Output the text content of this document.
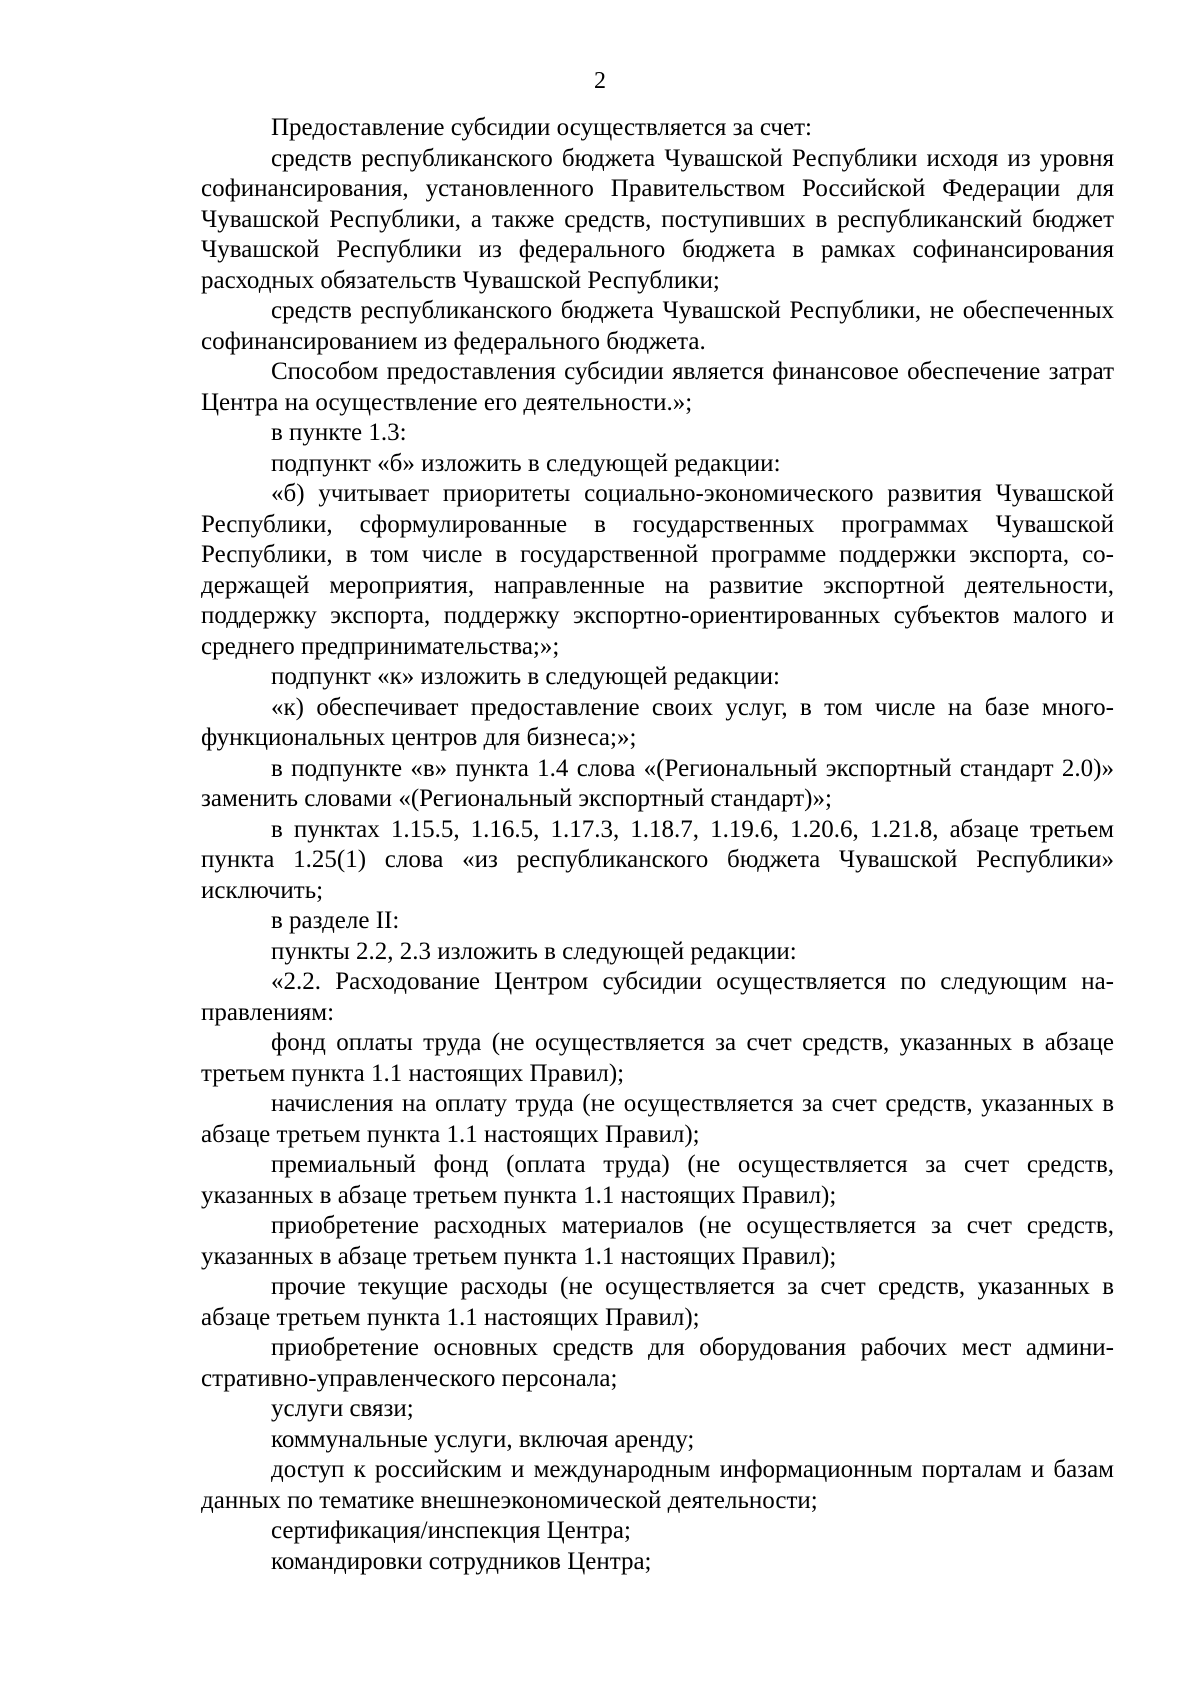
2

Предоставление субсидии осуществляется за счет:

средств республиканского бюджета Чувашской Республики исходя из уровня софинансирования, установленного Правительством Российской Федерации для Чувашской Республики, а также средств, поступивших в республиканский бюджет Чувашской Республики из федерального бюджета в рамках софинансирования расходных обязательств Чувашской Республики;

средств республиканского бюджета Чувашской Республики, не обеспеченных софинансированием из федерального бюджета.

Способом предоставления субсидии является финансовое обеспечение затрат Центра на осуществление его деятельности.»;

в пункте 1.3:

подпункт «б» изложить в следующей редакции:

«б) учитывает приоритеты социально-экономического развития Чувашской Республики, сформулированные в государственных программах Чувашской Республики, в том числе в государственной программе поддержки экспорта, содержащей мероприятия, направленные на развитие экспортной деятельности, поддержку экспорта, поддержку экспортно-ориентированных субъектов малого и среднего предпринимательства;»;

подпункт «к» изложить в следующей редакции:

«к) обеспечивает предоставление своих услуг, в том числе на базе многофункциональных центров для бизнеса;»;

в подпункте «в» пункта 1.4 слова «(Региональный экспортный стандарт 2.0)» заменить словами «(Региональный экспортный стандарт)»;

в пунктах 1.15.5, 1.16.5, 1.17.3, 1.18.7, 1.19.6, 1.20.6, 1.21.8, абзаце третьем пункта 1.25(1) слова «из республиканского бюджета Чувашской Республики» исключить;

в разделе II:

пункты 2.2, 2.3 изложить в следующей редакции:

«2.2. Расходование Центром субсидии осуществляется по следующим направлениям:

фонд оплаты труда (не осуществляется за счет средств, указанных в абзаце третьем пункта 1.1 настоящих Правил);

начисления на оплату труда (не осуществляется за счет средств, указанных в абзаце третьем пункта 1.1 настоящих Правил);

премиальный фонд (оплата труда) (не осуществляется за счет средств, указанных в абзаце третьем пункта 1.1 настоящих Правил);

приобретение расходных материалов (не осуществляется за счет средств, указанных в абзаце третьем пункта 1.1 настоящих Правил);

прочие текущие расходы (не осуществляется за счет средств, указанных в абзаце третьем пункта 1.1 настоящих Правил);

приобретение основных средств для оборудования рабочих мест административно-управленческого персонала;

услуги связи;

коммунальные услуги, включая аренду;

доступ к российским и международным информационным порталам и базам данных по тематике внешнеэкономической деятельности;

сертификация/инспекция Центра;

командировки сотрудников Центра;
